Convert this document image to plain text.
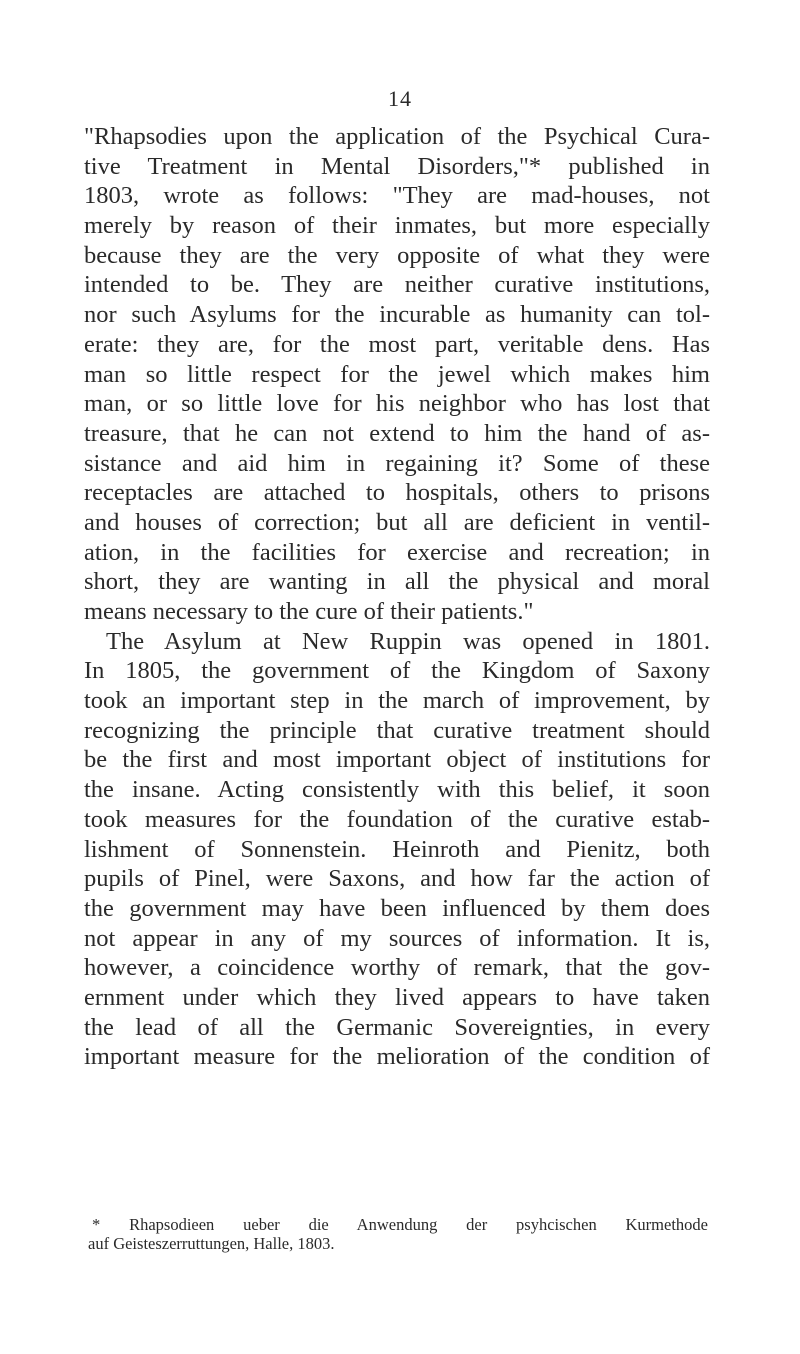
14
"Rhapsodies upon the application of the Psychical Cura-
tive Treatment in Mental Disorders,"* published in
1803, wrote as follows: "They are mad-houses, not
merely by reason of their inmates, but more especially
because they are the very opposite of what they were
intended to be. They are neither curative institutions,
nor such Asylums for the incurable as humanity can tol-
erate: they are, for the most part, veritable dens. Has
man so little respect for the jewel which makes him
man, or so little love for his neighbor who has lost that
treasure, that he can not extend to him the hand of as-
sistance and aid him in regaining it? Some of these
receptacles are attached to hospitals, others to prisons
and houses of correction; but all are deficient in ventil-
ation, in the facilities for exercise and recreation; in
short, they are wanting in all the physical and moral
means necessary to the cure of their patients."
The Asylum at New Ruppin was opened in 1801.
In 1805, the government of the Kingdom of Saxony
took an important step in the march of improvement, by
recognizing the principle that curative treatment should
be the first and most important object of institutions for
the insane. Acting consistently with this belief, it soon
took measures for the foundation of the curative estab-
lishment of Sonnenstein. Heinroth and Pienitz, both
pupils of Pinel, were Saxons, and how far the action of
the government may have been influenced by them does
not appear in any of my sources of information. It is,
however, a coincidence worthy of remark, that the gov-
ernment under which they lived appears to have taken
the lead of all the Germanic Sovereignties, in every
important measure for the melioration of the condition of
* Rhapsodieen ueber die Anwendung der psyhcischen Kurmethode
auf Geisteszerruttungen, Halle, 1803.
